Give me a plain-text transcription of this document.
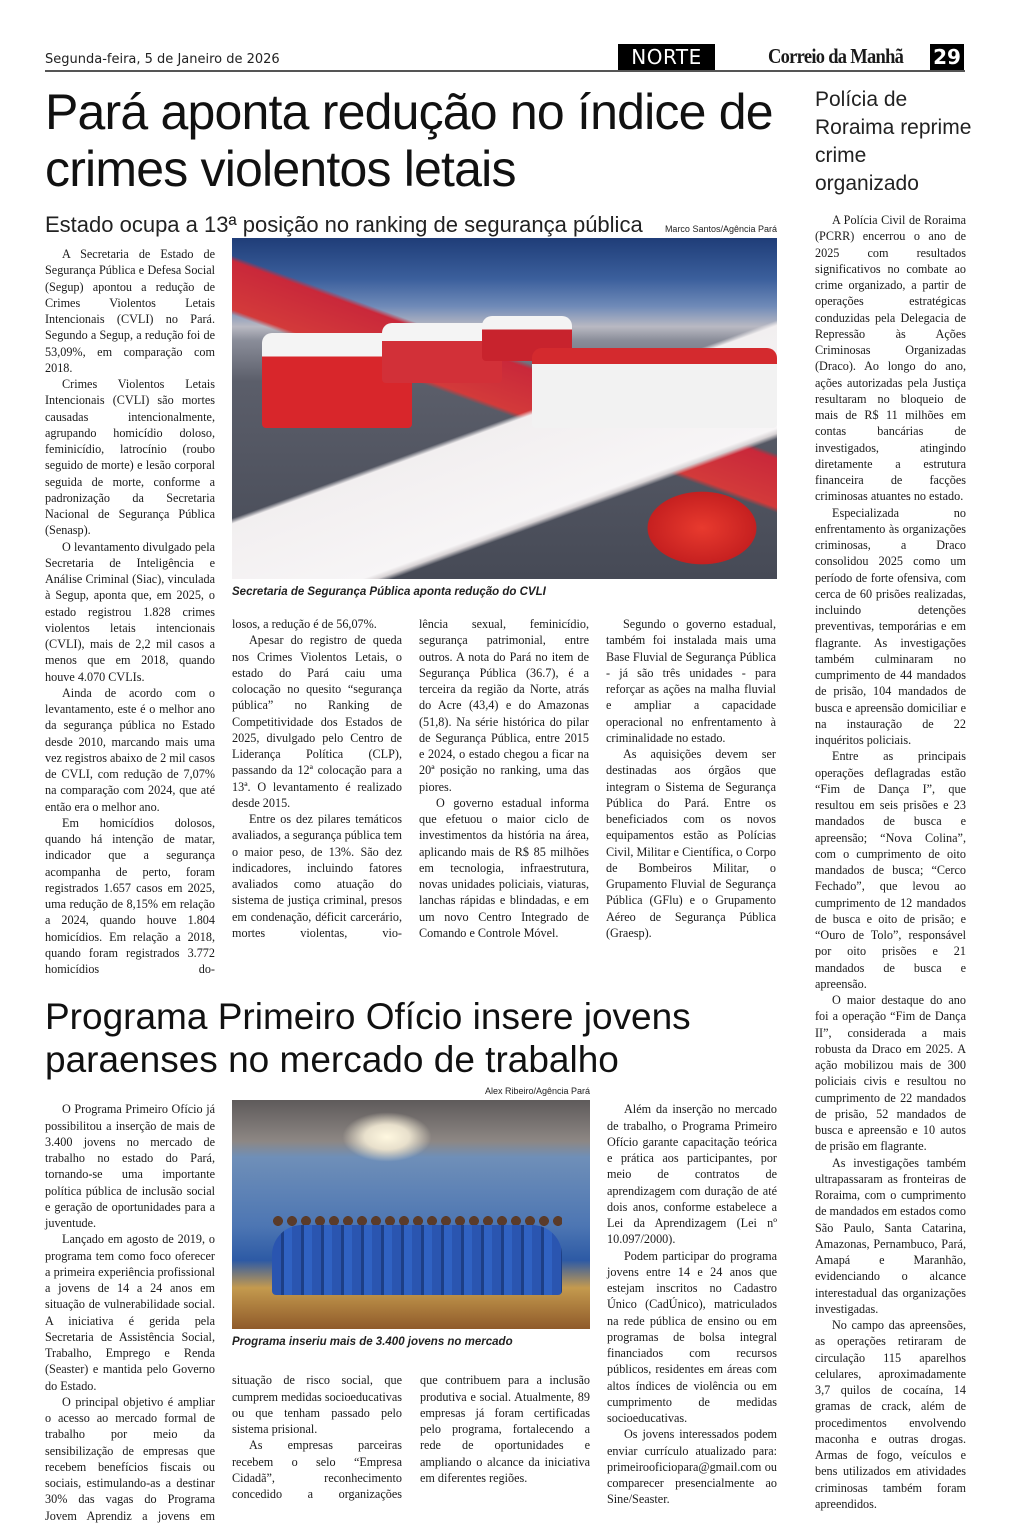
Segunda-feira, 5 de Janeiro de 2026	NORTE	Correio da Manhã 29
Pará aponta redução no índice de crimes violentos letais
Estado ocupa a 13ª posição no ranking de segurança pública

A Secretaria de Estado de Segurança Pública e Defesa Social (Segup) apontou a redução de Crimes Violentos Letais Intencionais (CVLI) no Pará. Segundo a Segup, a redução foi de 53,09%, em comparação com 2018.

Crimes Violentos Letais Intencionais (CVLI) são mortes causadas intencionalmente, agrupando homicídio doloso, feminicídio, latrocínio (roubo seguido de morte) e lesão corporal seguida de morte, conforme a padronização da Secretaria Nacional de Segurança Pública (Senasp).

O levantamento divulgado pela Secretaria de Inteligência e Análise Criminal (Siac), vinculada à Segup, aponta que, em 2025, o estado registrou 1.828 crimes violentos letais intencionais (CVLI), mais de 2,2 mil casos a menos que em 2018, quando houve 4.070 CVLIs.

Ainda de acordo com o levantamento, este é o melhor ano da segurança pública no Estado desde 2010, marcando mais uma vez registros abaixo de 2 mil casos de CVLI, com redução de 7,07% na comparação com 2024, que até então era o melhor ano.

Em homicídios dolosos, quando há intenção de matar, indicador que a segurança acompanha de perto, foram registrados 1.657 casos em 2025, uma redução de 8,15% em relação a 2024, quando houve 1.804 homicídios. Em relação a 2018, quando foram registrados 3.772 homicídios do-

Marco Santos/Agência Pará
Secretaria de Segurança Pública aponta redução do CVLI

losos, a redução é de 56,07%.

Apesar do registro de queda nos Crimes Violentos Letais, o estado do Pará caiu uma colocação no quesito “segurança pública” no Ranking de Competitividade dos Estados de 2025, divulgado pelo Centro de Liderança Política (CLP), passando da 12ª colocação para a 13ª. O levantamento é realizado desde 2015.

Entre os dez pilares temáticos avaliados, a segurança pública tem o maior peso, de 13%. São dez indicadores, incluindo fatores avaliados como atuação do sistema de justiça criminal, presos em condenação, déficit carcerário, mortes violentas, vio-

lência sexual, feminicídio, segurança patrimonial, entre outros. A nota do Pará no item de Segurança Pública (36.7), é a terceira da região da Norte, atrás do Acre (43,4) e do Amazonas (51,8). Na série histórica do pilar de Segurança Pública, entre 2015 e 2024, o estado chegou a ficar na 20ª posição no ranking, uma das piores.

O governo estadual informa que efetuou o maior ciclo de investimentos da história na área, aplicando mais de R$ 85 milhões em tecnologia, infraestrutura, novas unidades policiais, viaturas, lanchas rápidas e blindadas, e em um novo Centro Integrado de Comando e Controle Móvel.

Segundo o governo estadual, também foi instalada mais uma Base Fluvial de Segurança Pública - já são três unidades - para reforçar as ações na malha fluvial e ampliar a capacidade operacional no enfrentamento à criminalidade no estado.

As aquisições devem ser destinadas aos órgãos que integram o Sistema de Segurança Pública do Pará. Entre os beneficiados com os novos equipamentos estão as Polícias Civil, Militar e Científica, o Corpo de Bombeiros Militar, o Grupamento Fluvial de Segurança Pública (GFlu) e o Grupamento Aéreo de Segurança Pública (Graesp).

Programa Primeiro Ofício insere jovens paraenses no mercado de trabalho

O Programa Primeiro Ofício já possibilitou a inserção de mais de 3.400 jovens no mercado de trabalho no estado do Pará, tornando-se uma importante política pública de inclusão social e geração de oportunidades para a juventude.

Lançado em agosto de 2019, o programa tem como foco oferecer a primeira experiência profissional a jovens de 14 a 24 anos em situação de vulnerabilidade social. A iniciativa é gerida pela Secretaria de Assistência Social, Trabalho, Emprego e Renda (Seaster) e mantida pelo Governo do Estado.

O principal objetivo é ampliar o acesso ao mercado formal de trabalho por meio da sensibilização de empresas que recebem benefícios fiscais ou sociais, estimulando-as a destinar 30% das vagas do Programa Jovem Aprendiz a jovens em

Alex Ribeiro/Agência Pará
Programa inseriu mais de 3.400 jovens no mercado

situação de risco social, que cumprem medidas socioeducativas ou que tenham passado pelo sistema prisional.

As empresas parceiras recebem o selo “Empresa Cidadã”, reconhecimento concedido a organizações

que contribuem para a inclusão produtiva e social. Atualmente, 89 empresas já foram certificadas pelo programa, fortalecendo a rede de oportunidades e ampliando o alcance da iniciativa em diferentes regiões.

Além da inserção no mercado de trabalho, o Programa Primeiro Ofício garante capacitação teórica e prática aos participantes, por meio de contratos de aprendizagem com duração de até dois anos, conforme estabelece a Lei da Aprendizagem (Lei nº 10.097/2000).

Podem participar do programa jovens entre 14 e 24 anos que estejam inscritos no Cadastro Único (CadÚnico), matriculados na rede pública de ensino ou em programas de bolsa integral financiados com recursos públicos, residentes em áreas com altos índices de violência ou em cumprimento de medidas socioeducativas.

Os jovens interessados podem enviar currículo atualizado para: primeirooficiopara@gmail.com ou comparecer presencialmente ao Sine/Seaster.

Polícia de Roraima reprime crime organizado

A Polícia Civil de Roraima (PCRR) encerrou o ano de 2025 com resultados significativos no combate ao crime organizado, a partir de operações estratégicas conduzidas pela Delegacia de Repressão às Ações Criminosas Organizadas (Draco). Ao longo do ano, ações autorizadas pela Justiça resultaram no bloqueio de mais de R$ 11 milhões em contas bancárias de investigados, atingindo diretamente a estrutura financeira de facções criminosas atuantes no estado.

Especializada no enfrentamento às organizações criminosas, a Draco consolidou 2025 como um período de forte ofensiva, com cerca de 60 prisões realizadas, incluindo detenções preventivas, temporárias e em flagrante. As investigações também culminaram no cumprimento de 44 mandados de prisão, 104 mandados de busca e apreensão domiciliar e na instauração de 22 inquéritos policiais.

Entre as principais operações deflagradas estão “Fim de Dança I”, que resultou em seis prisões e 23 mandados de busca e apreensão; “Nova Colina”, com o cumprimento de oito mandados de busca; “Cerco Fechado”, que levou ao cumprimento de 12 mandados de busca e oito de prisão; e “Ouro de Tolo”, responsável por oito prisões e 21 mandados de busca e apreensão.

O maior destaque do ano foi a operação “Fim de Dança II”, considerada a mais robusta da Draco em 2025. A ação mobilizou mais de 300 policiais civis e resultou no cumprimento de 22 mandados de prisão, 52 mandados de busca e apreensão e 10 autos de prisão em flagrante.

As investigações também ultrapassaram as fronteiras de Roraima, com o cumprimento de mandados em estados como São Paulo, Santa Catarina, Amazonas, Pernambuco, Pará, Amapá e Maranhão, evidenciando o alcance interestadual das organizações investigadas.

No campo das apreensões, as operações retiraram de circulação 115 aparelhos celulares, aproximadamente 3,7 quilos de cocaína, 14 gramas de crack, além de procedimentos envolvendo maconha e outras drogas. Armas de fogo, veículos e bens utilizados em atividades criminosas também foram apreendidos.
